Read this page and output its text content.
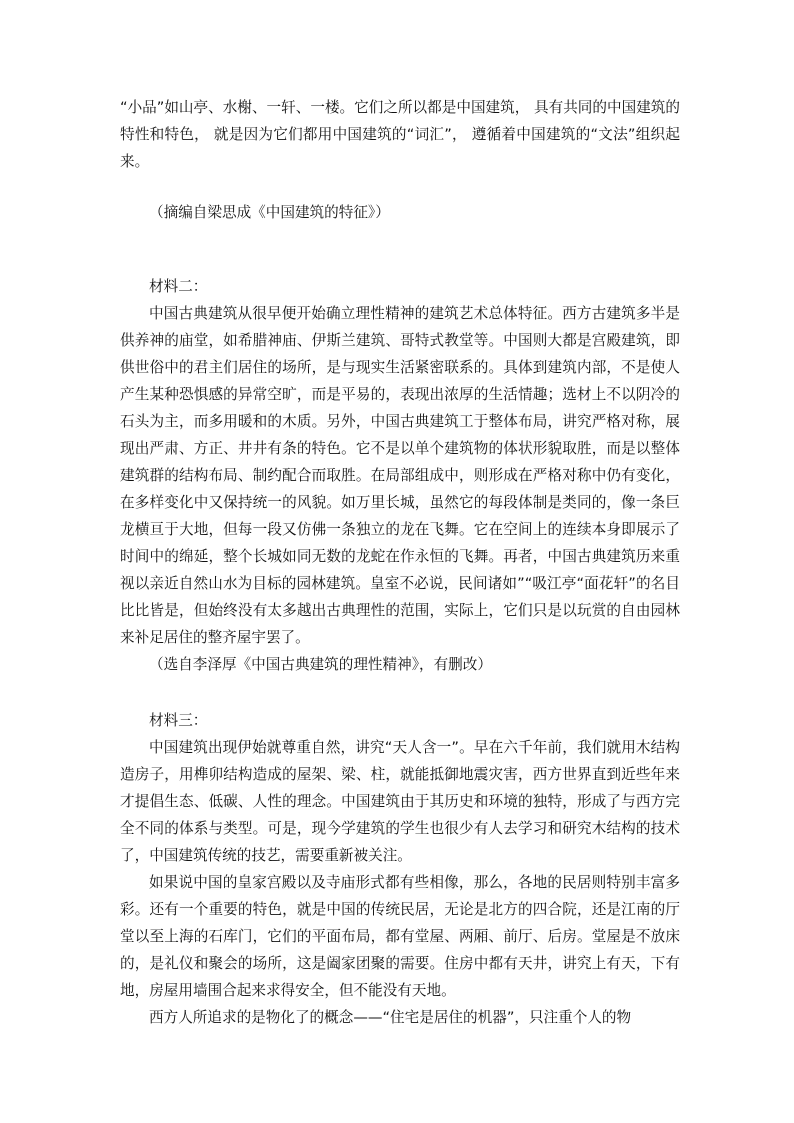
“小品”如山亭、水榭、一轩、一楼。它们之所以都是中国建筑， 具有共同的中国建筑的特性和特色， 就是因为它们都用中国建筑的“词汇”， 遵循着中国建筑的“文法”组织起来。

（摘编自梁思成《中国建筑的特征》）

材料二：

中国古典建筑从很早便开始确立理性精神的建筑艺术总体特征。西方古建筑多半是供养神的庙堂，如希腊神庙、伊斯兰建筑、哥特式教堂等。中国则大都是宫殿建筑，即供世俗中的君主们居住的场所，是与现实生活紧密联系的。具体到建筑内部，不是使人产生某种恐惧感的异常空旷，而是平易的，表现出浓厚的生活情趣；选材上不以阴冷的石头为主，而多用暖和的木质。另外，中国古典建筑工于整体布局，讲究严格对称，展现出严肃、方正、井井有条的特色。它不是以单个建筑物的体状形貌取胜，而是以整体建筑群的结构布局、制约配合而取胜。在局部组成中，则形成在严格对称中仍有变化，在多样变化中又保持统一的风貌。如万里长城，虽然它的每段体制是类同的，像一条巨龙横亘于大地，但每一段又仿佛一条独立的龙在飞舞。它在空间上的连续本身即展示了时间中的绵延，整个长城如同无数的龙蛇在作永恒的飞舞。再者，中国古典建筑历来重视以亲近自然山水为目标的园林建筑。皇室不必说，民间诸如”“吸江亭“面花轩”的名目比比皆是，但始终没有太多越出古典理性的范围，实际上，它们只是以玩赏的自由园林来补足居住的整齐屋宇罢了。

（选自李泽厚《中国古典建筑的理性精神》，有删改）

材料三：

中国建筑出现伊始就尊重自然，讲究“天人含一”。早在六千年前，我们就用木结构造房子，用榫卯结构造成的屋架、梁、柱，就能抵御地震灾害，西方世界直到近些年来才提倡生态、低碳、人性的理念。中国建筑由于其历史和环境的独特，形成了与西方完全不同的体系与类型。可是，现今学建筑的学生也很少有人去学习和研究木结构的技术了，中国建筑传统的技艺，需要重新被关注。

如果说中国的皇家宫殿以及寺庙形式都有些相像，那么，各地的民居则特别丰富多彩。还有一个重要的特色，就是中国的传统民居，无论是北方的四合院，还是江南的厅堂以至上海的石库门，它们的平面布局，都有堂屋、两厢、前厅、后房。堂屋是不放床的，是礼仪和聚会的场所，这是阖家团聚的需要。住房中都有天井，讲究上有天，下有地，房屋用墙围合起来求得安全，但不能没有天地。

西方人所追求的是物化了的概念——“住宅是居住的机器”，只注重个人的物
